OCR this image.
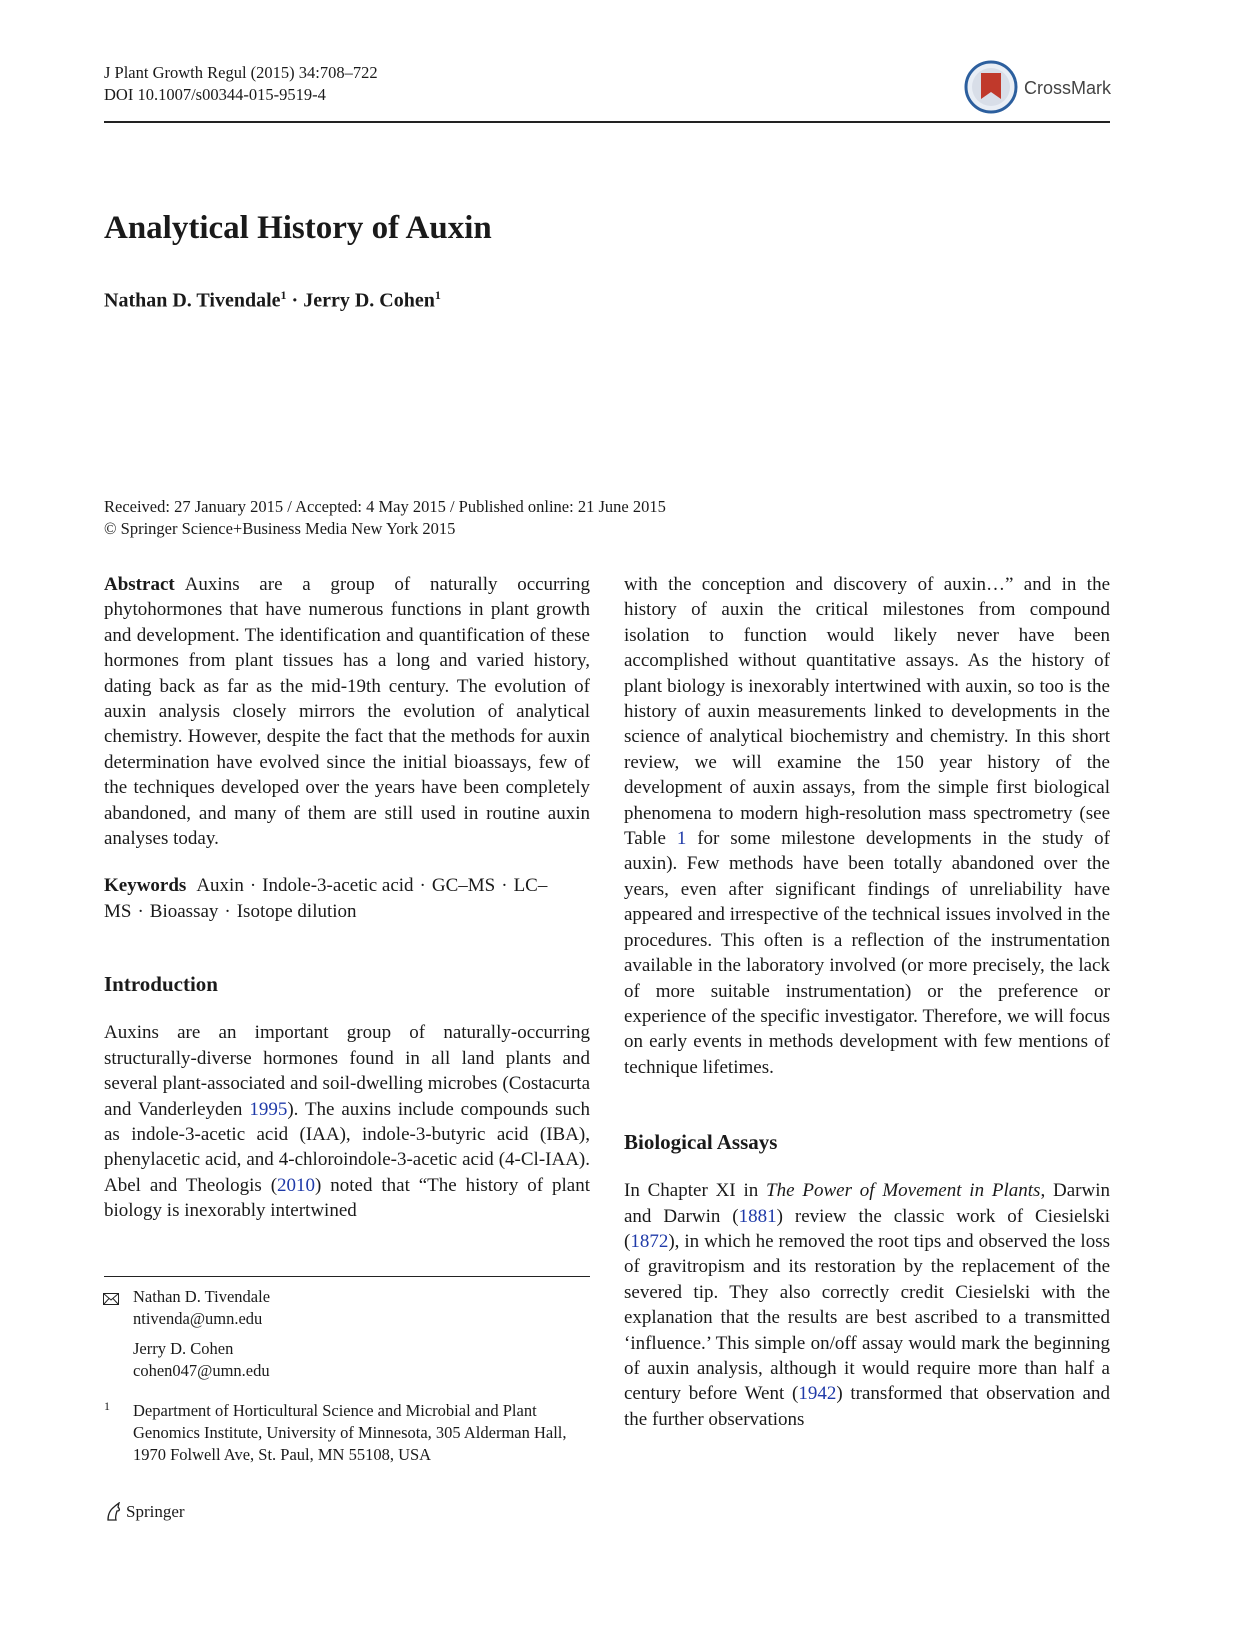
J Plant Growth Regul (2015) 34:708–722
DOI 10.1007/s00344-015-9519-4	CrossMark
Analytical History of Auxin
Nathan D. Tivendale$^1$ · Jerry D. Cohen$^1$
Received: 27 January 2015 / Accepted: 4 May 2015 / Published online: 21 June 2015
© Springer Science+Business Media New York 2015

Abstract Auxins are a group of naturally occurring phytohormones that have numerous functions in plant growth and development. The identification and quantification of these hormones from plant tissues has a long and varied history, dating back as far as the mid-19th century. The evolution of auxin analysis closely mirrors the evolution of analytical chemistry. However, despite the fact that the methods for auxin determination have evolved since the initial bioassays, few of the techniques developed over the years have been completely abandoned, and many of them are still used in routine auxin analyses today.

Keywords Auxin · Indole-3-acetic acid · GC–MS · LC–MS · Bioassay · Isotope dilution

Introduction

Auxins are an important group of naturally-occurring structurally-diverse hormones found in all land plants and several plant-associated and soil-dwelling microbes (Costacurta and Vanderleyden 1995). The auxins include compounds such as indole-3-acetic acid (IAA), indole-3-butyric acid (IBA), phenylacetic acid, and 4-chloroindole-3-acetic acid (4-Cl-IAA). Abel and Theologis (2010) noted that “The history of plant biology is inexorably intertwined

Nathan D. Tivendale
ntivenda@umn.edu
Jerry D. Cohen
cohen047@umn.edu
1 Department of Horticultural Science and Microbial and Plant Genomics Institute, University of Minnesota, 305 Alderman Hall, 1970 Folwell Ave, St. Paul, MN 55108, USA

with the conception and discovery of auxin…” and in the history of auxin the critical milestones from compound isolation to function would likely never have been accomplished without quantitative assays. As the history of plant biology is inexorably intertwined with auxin, so too is the history of auxin measurements linked to developments in the science of analytical biochemistry and chemistry. In this short review, we will examine the 150 year history of the development of auxin assays, from the simple first biological phenomena to modern high-resolution mass spectrometry (see Table 1 for some milestone developments in the study of auxin). Few methods have been totally abandoned over the years, even after significant findings of unreliability have appeared and irrespective of the technical issues involved in the procedures. This often is a reflection of the instrumentation available in the laboratory involved (or more precisely, the lack of more suitable instrumentation) or the preference or experience of the specific investigator. Therefore, we will focus on early events in methods development with few mentions of technique lifetimes.

Biological Assays

In Chapter XI in The Power of Movement in Plants, Darwin and Darwin (1881) review the classic work of Ciesielski (1872), in which he removed the root tips and observed the loss of gravitropism and its restoration by the replacement of the severed tip. They also correctly credit Ciesielski with the explanation that the results are best ascribed to a transmitted ‘influence.’ This simple on/off assay would mark the beginning of auxin analysis, although it would require more than half a century before Went (1942) transformed that observation and the further observations

Springer
